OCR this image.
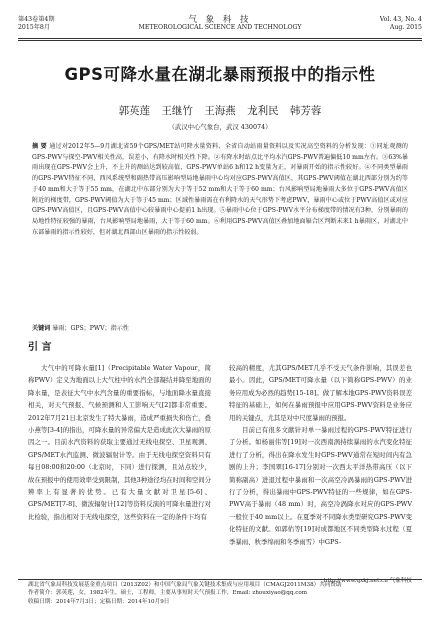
第43卷第4期
2015年8月
气 象 科 技
METEOROLOGICAL SCIENCE AND TECHNOLOGY
Vol. 43, No. 4
Aug. 2015
GPS可降水量在湖北暴雨预报中的指示性
郭英莲 王继竹 王海燕 龙利民 韩芳蓉
（武汉中心气象台，武汉 430074）
摘 要 通过对2012年5—9月湖北省59个GPS/MET站可降水量资料、全省自动站雨量资料以及实况高空资料的分析发现：①同址观测的GPS-PWV与探空-PWV相关性高，误差小，有降水时相关性下降。②有降水时站点比平均水汽GPS-PWV普遍偏低10 mm左右。③63%暴雨出现在GPS-PWV会上升，不上升的测站达到较高值，GPS-PWV单站6 h和12 h变量为正，对暴雨开始的指示性较好。④不同类型暴雨的GPS-PWV特征不同，西风系统型和副热带高压影响型局地暴雨中心均对应GPS-PWV高值区，其GPS-PWV阈值在湖北西部分别为约等于40 mm和大于等于55 mm，在湖北中东部分别为大于等于52 mm和大于等于60 mm；台风影响型局地暴雨大多位于GPS-PWV高值区附近的梯度带，GPS-PWV阈值为大于等于45 mm；区域性暴雨需在有利降水的天气形势下考虑PWV，暴雨中心或位于PWV高值区或对应GPS-PWV高值区，且GPS-PWV高值中心较暴雨中心提前1 h出现。⑤暴雨中心位于GPS-PWV水平分布梯度带的情况有3种，分别暴雨的局地性特征较强的暴雨，台风影响型局地暴雨，大于等于60 mm。⑥利用GPS-PWV高值区叠加地面辐合区判断未来1 h暴雨区，对湖北中东部暴雨的指示性较好，但对湖北西部山区暴雨的指示性较弱。
关键词 暴雨；GPS；PWV；指示性
引 言
大气中的可降水量[1]（Precipitable Water Vapour，简称PWV）定义为地面以上大气柱中的水汽全部凝结并降至地面的降水量，是表征大气中水汽含量的重要指标，与地面降水量直接相关，对天气预报、气候预测和人工影响天气[2]都非常重要。2012年7月21日北京发生了特大暴雨，造成严重损失和伤亡，叠小燕等[3-4]的指出，可降水量的异常偏大是造成此次大暴雨的原因之一。目前水汽资料的获取主要通过无线电探空、卫星观测、GPS/MET水汽监测、微波辐射计等。由于无线电探空资料只有每日08:00和20:00（北京时，下同）进行探测，且站点较少，故在预报中的使用效率受到限制，其他3种途径均在时间和空间分辨率上有显著的优势。已有大量文献对卫星[5-6]、GPS/MET[7-8]、微波辐射计[12]等资料反演的可降水量进行对比检验，指出相对于无线电探空，这些资料在一定的条件下均有

较高的精度，尤其GPS/MET几乎不受天气条件影响，其误差也最小。因此，GPS/MET可降水量（以下简称GPS-PWV）的业务应用成为必然的趋势[15-18]。做了解本地GPS-PWV资料误差特征的基础上，如何在暴雨预报中应用GPS-PWV资料是业务应用的关键点，尤其是对中尺度暴雨的预报。

目前已有很多文献针对单一暴雨过程的GPS-PWV特征进行了分析。如杨丽伟等[19]对一次西南涡持续暴雨的水汽变化特征进行了分析，得出在降水发生时GPS-PWV通常在短时间内有急剧的上升；李国翠[16-17]分别对一次西太平洋热带高压（以下简称副高）进退过程中暴雨和一次高空冷涡暴雨的GPS-PWV进行了分析，得出暴雨中GPS-PWV特征的一些规律，如在GPS-PWV高于暴雨（48 mm）时，高空冷涡降水对应的GPS-PWV一般位于40 mm以上。在夏季对不同降水类型研究GPS-PWV变化特征的文献。如郭佑等[19]对成都地区不同类型降水过程（夏季暴雨、秋季绵雨和冬季雨雪）中GPS-

http://www.qxkj.net.cn 气象科技
湖北省气象局科技发展基金重点项目（2013Z02）和中国气象局气象关键技术集成与应用项目（CMAGJ2011M38）共同资助
作者简介：郭英莲，女，1982年生，硕士，工程师，主要从事短时天气预报工作，Email: zhouxiyao@qq.com
收稿日期：2014年7月3日；定稿日期：2014年10月9日
